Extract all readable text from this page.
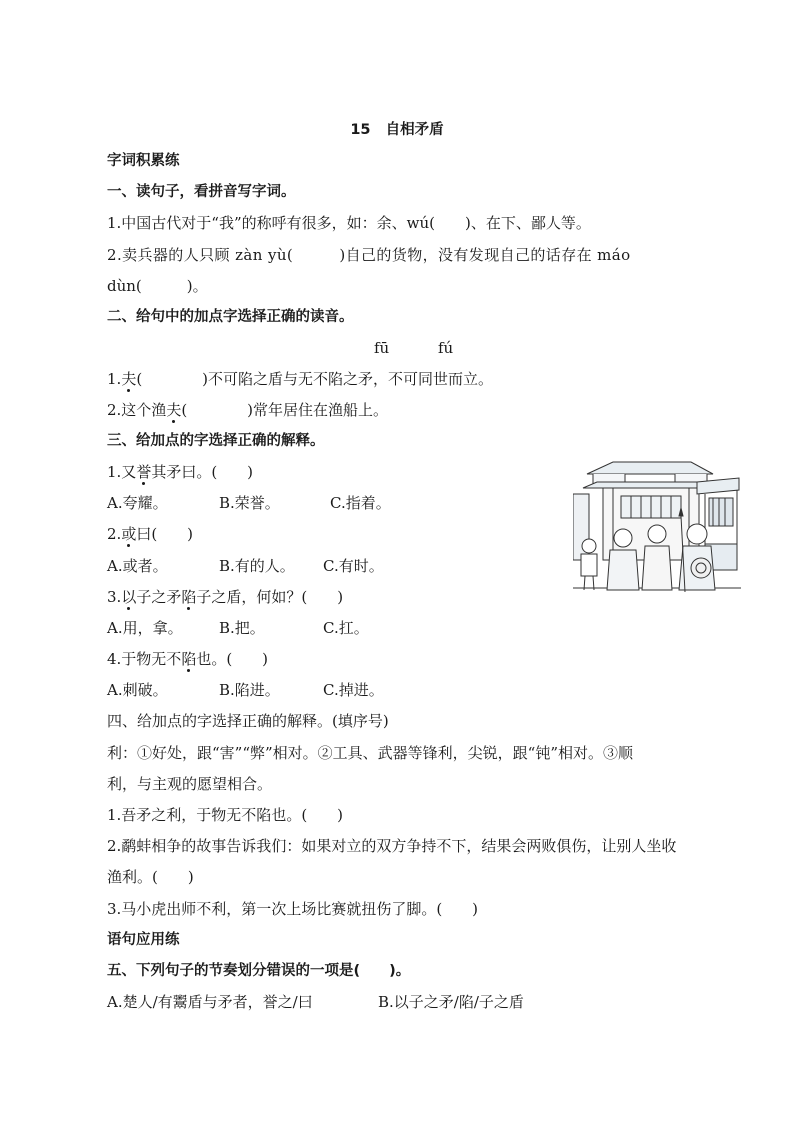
15 自相矛盾
字词积累练
一、读句子，看拼音写字词。
1.中国古代对于“我”的称呼有很多，如：余、wú(　　)、在下、鄙人等。
2.卖兵器的人只顾 zàn yù(　　　)自己的货物，没有发现自己的话存在 máo
dùn(　　　)。
二、给句中的加点字选择正确的读音。
fū	fú
1.夫(　　　　)不可陷之盾与无不陷之矛，不可同世而立。
2.这个渔夫(　　　　)常年居住在渔船上。
三、给加点的字选择正确的解释。
1.又誉其矛曰。(　　)
A.夸耀。	B.荣誉。	C.指着。
2.或曰(　　)
A.或者。	B.有的人。 C.有时。
3.以子之矛陷子之盾，何如？(　　)
A.用，拿。 B.把。	C.扛。
4.于物无不陷也。(　　)
A.刺破。	B.陷进。	C.掉进。
四、给加点的字选择正确的解释。(填序号)
利：①好处，跟“害”“弊”相对。②工具、武器等锋利，尖锐，跟“钝”相对。③顺
利，与主观的愿望相合。
1.吾矛之利，于物无不陷也。(　　)
2.鹬蚌相争的故事告诉我们：如果对立的双方争持不下，结果会两败俱伤，让别人坐收
渔利。(　　)
3.马小虎出师不利，第一次上场比赛就扭伤了脚。(　　)
语句应用练
五、下列句子的节奏划分错误的一项是(　　)。
A.楚人/有鬻盾与矛者，誉之/曰	B.以子之矛/陷/子之盾
